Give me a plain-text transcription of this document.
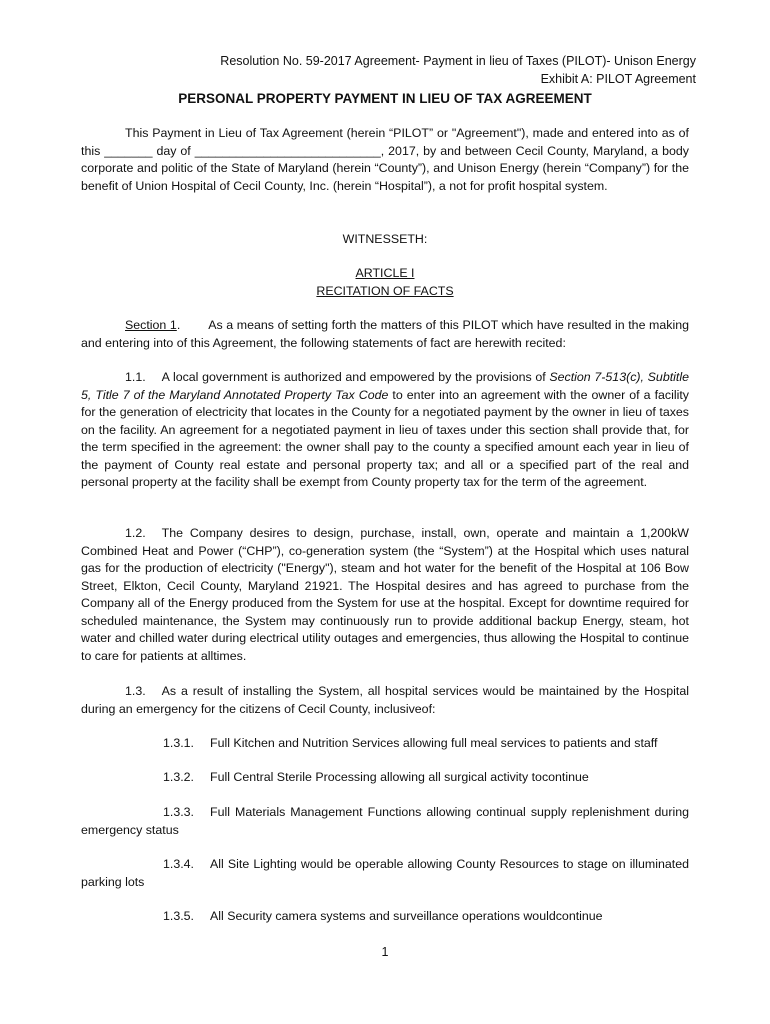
Resolution No. 59-2017 Agreement- Payment in lieu of Taxes (PILOT)- Unison Energy
Exhibit A: PILOT Agreement
PERSONAL PROPERTY PAYMENT IN LIEU OF TAX AGREEMENT

This Payment in Lieu of Tax Agreement (herein “PILOT” or "Agreement"), made and entered into as of this _______ day of ___________________________, 2017, by and between Cecil County, Maryland, a body corporate and politic of the State of Maryland (herein “County”), and Unison Energy (herein “Company”) for the benefit of Union Hospital of Cecil County, Inc. (herein “Hospital”), a not for profit hospital system.

WITNESSETH:
ARTICLE I
RECITATION OF FACTS

Section 1. As a means of setting forth the matters of this PILOT which have resulted in the making and entering into of this Agreement, the following statements of fact are herewith recited:

1.1. A local government is authorized and empowered by the provisions of Section 7-513(c), Subtitle 5, Title 7 of the Maryland Annotated Property Tax Code to enter into an agreement with the owner of a facility for the generation of electricity that locates in the County for a negotiated payment by the owner in lieu of taxes on the facility. An agreement for a negotiated payment in lieu of taxes under this section shall provide that, for the term specified in the agreement: the owner shall pay to the county a specified amount each year in lieu of the payment of County real estate and personal property tax; and all or a specified part of the real and personal property at the facility shall be exempt from County property tax for the term of the agreement.

1.2. The Company desires to design, purchase, install, own, operate and maintain a 1,200kW Combined Heat and Power (“CHP”), co-generation system (the “System”) at the Hospital which uses natural gas for the production of electricity ("Energy"), steam and hot water for the benefit of the Hospital at 106 Bow Street, Elkton, Cecil County, Maryland 21921. The Hospital desires and has agreed to purchase from the Company all of the Energy produced from the System for use at the hospital. Except for downtime required for scheduled maintenance, the System may continuously run to provide additional backup Energy, steam, hot water and chilled water during electrical utility outages and emergencies, thus allowing the Hospital to continue to care for patients at alltimes.

1.3. As a result of installing the System, all hospital services would be maintained by the Hospital during an emergency for the citizens of Cecil County, inclusiveof:

1.3.1. Full Kitchen and Nutrition Services allowing full meal services to patients and staff

1.3.2. Full Central Sterile Processing allowing all surgical activity tocontinue

1.3.3. Full Materials Management Functions allowing continual supply replenishment during emergency status

1.3.4. All Site Lighting would be operable allowing County Resources to stage on illuminated parking lots

1.3.5. All Security camera systems and surveillance operations wouldcontinue

1
